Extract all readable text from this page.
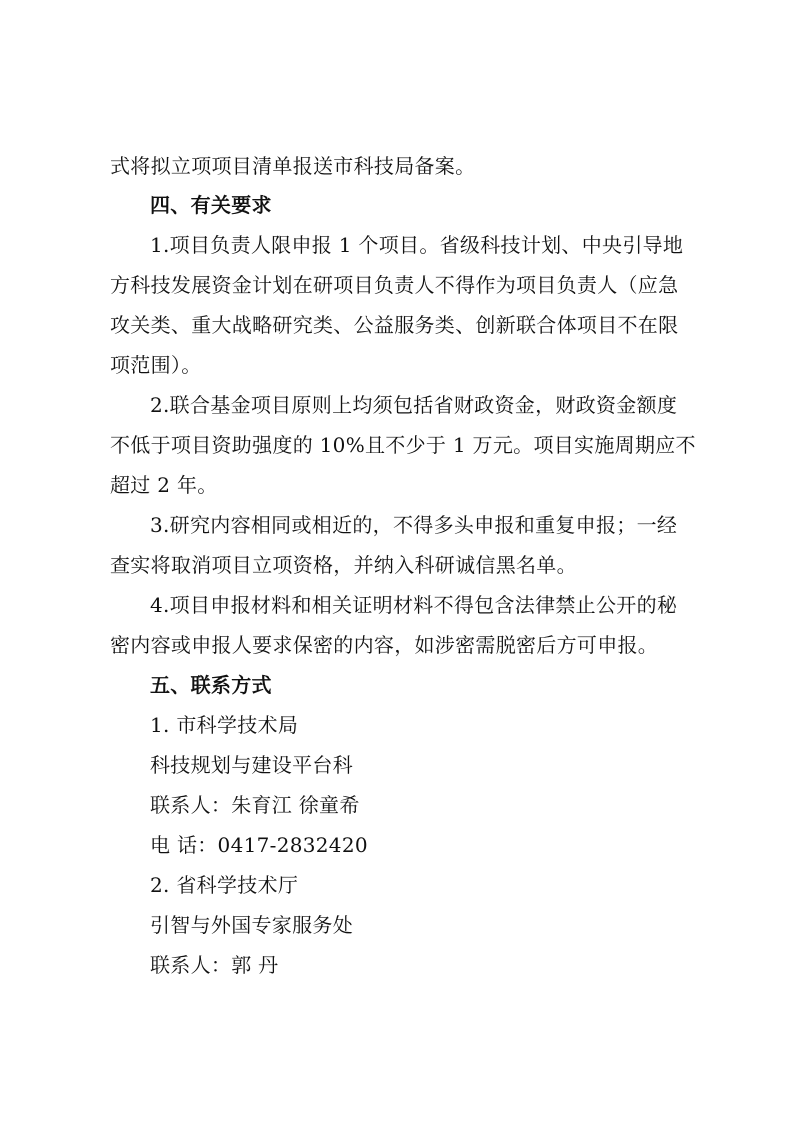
式将拟立项项目清单报送市科技局备案。
四、有关要求
1.项目负责人限申报 1 个项目。省级科技计划、中央引导地
方科技发展资金计划在研项目负责人不得作为项目负责人（应急
攻关类、重大战略研究类、公益服务类、创新联合体项目不在限
项范围）。
2.联合基金项目原则上均须包括省财政资金，财政资金额度
不低于项目资助强度的 10%且不少于 1 万元。项目实施周期应不
超过 2 年。
3.研究内容相同或相近的，不得多头申报和重复申报；一经
查实将取消项目立项资格，并纳入科研诚信黑名单。
4.项目申报材料和相关证明材料不得包含法律禁止公开的秘
密内容或申报人要求保密的内容，如涉密需脱密后方可申报。
五、联系方式
1. 市科学技术局
科技规划与建设平台科
联系人：朱育江 徐童希
电 话：0417-2832420
2. 省科学技术厅
引智与外国专家服务处
联系人：郭 丹
